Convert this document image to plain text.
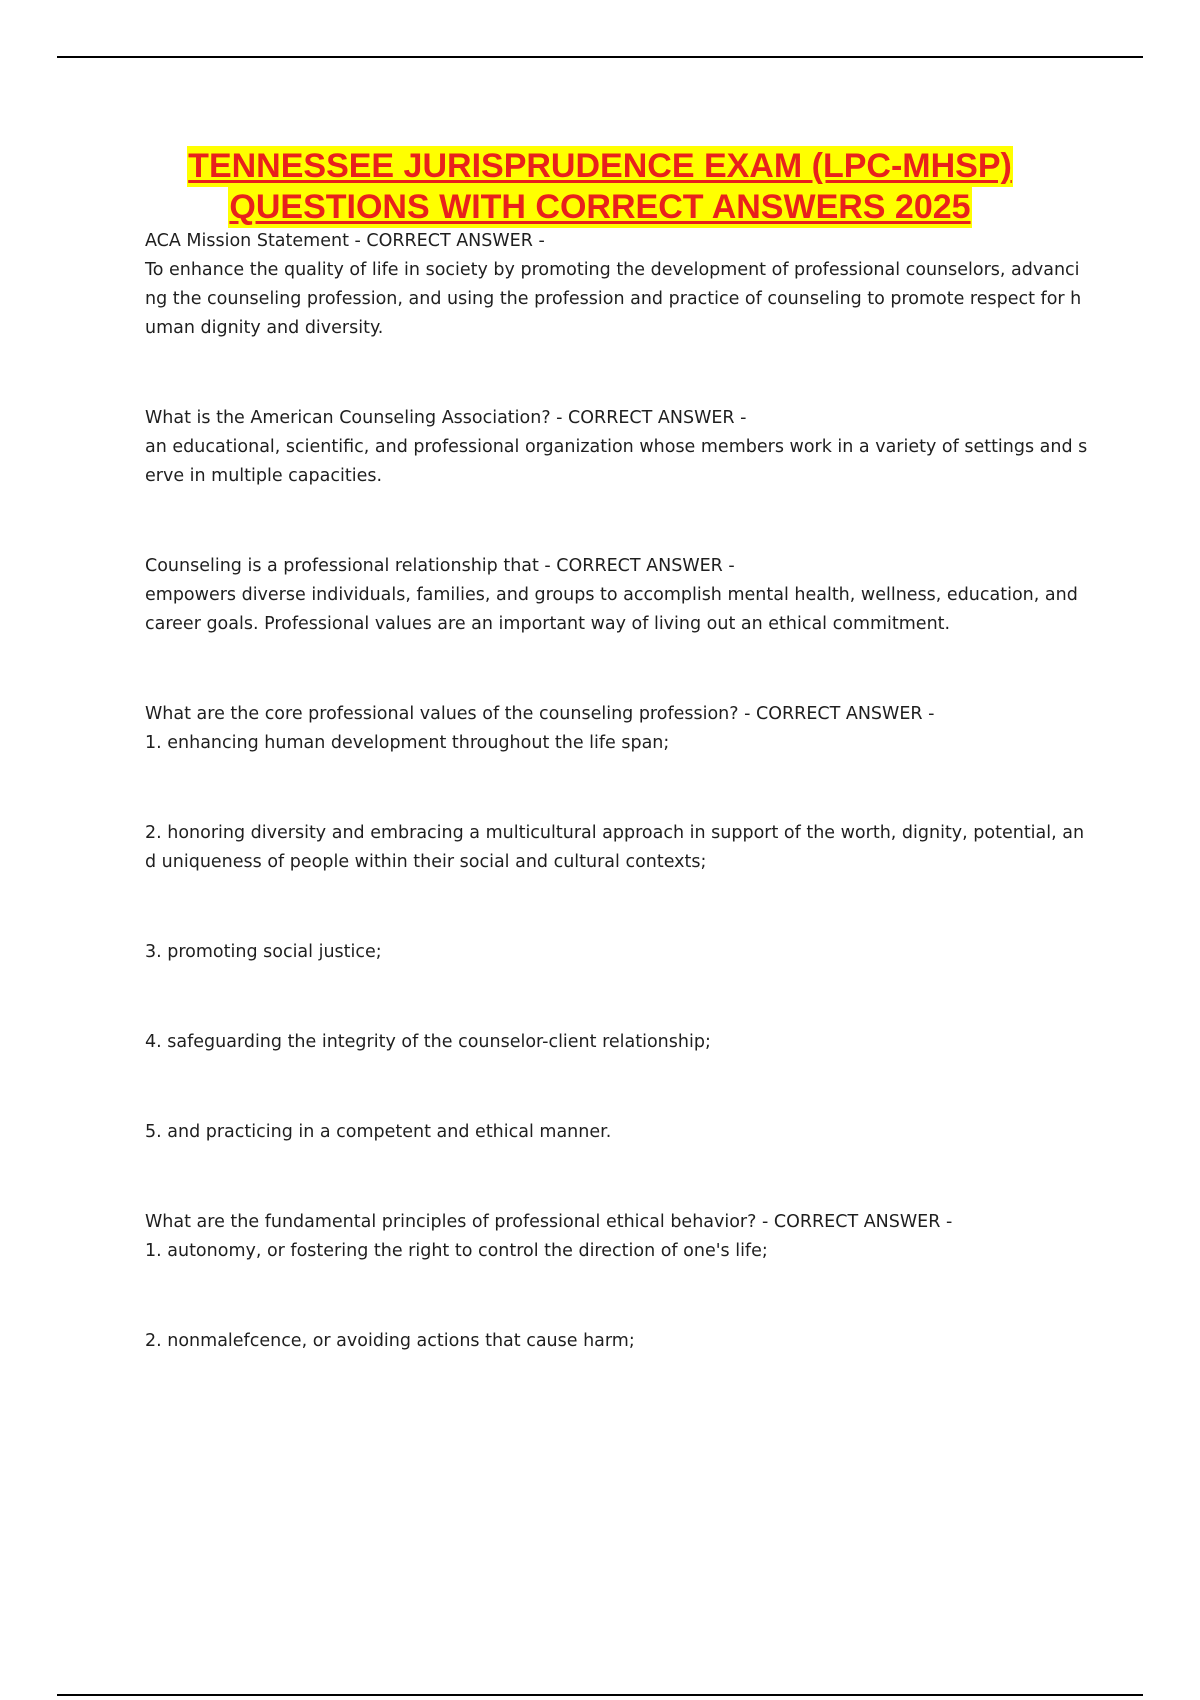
TENNESSEE JURISPRUDENCE EXAM (LPC-MHSP)
QUESTIONS WITH CORRECT ANSWERS 2025
ACA Mission Statement - CORRECT ANSWER -
To enhance the quality of life in society by promoting the development of professional counselors, advancing the counseling profession, and using the profession and practice of counseling to promote respect for human dignity and diversity.
What is the American Counseling Association? - CORRECT ANSWER -
an educational, scientific, and professional organization whose members work in a variety of settings and serve in multiple capacities.
Counseling is a professional relationship that - CORRECT ANSWER -
empowers diverse individuals, families, and groups to accomplish mental health, wellness, education, and career goals. Professional values are an important way of living out an ethical commitment.
What are the core professional values of the counseling profession? - CORRECT ANSWER -
1. enhancing human development throughout the life span;
2. honoring diversity and embracing a multicultural approach in support of the worth, dignity, potential, and uniqueness of people within their social and cultural contexts;
3. promoting social justice;
4. safeguarding the integrity of the counselor-client relationship;
5. and practicing in a competent and ethical manner.
What are the fundamental principles of professional ethical behavior? - CORRECT ANSWER -
1. autonomy, or fostering the right to control the direction of one's life;
2. nonmalefcence, or avoiding actions that cause harm;
